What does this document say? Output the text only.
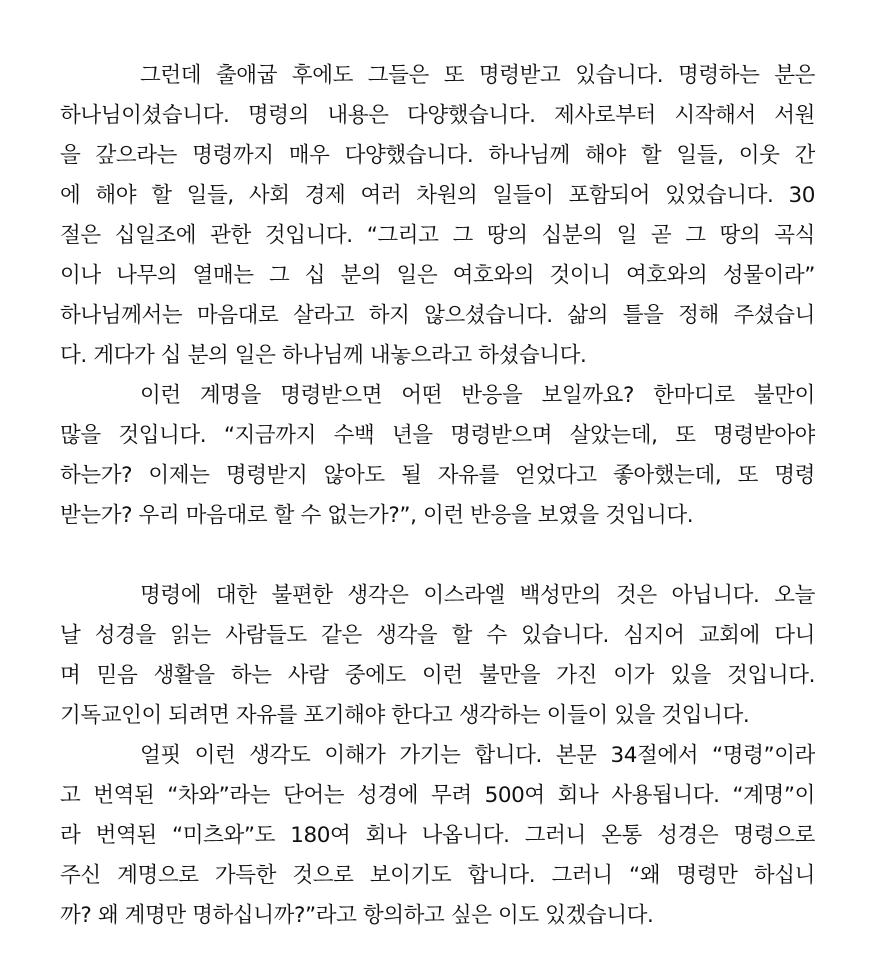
그런데 출애굽 후에도 그들은 또 명령받고 있습니다. 명령하는 분은
하나님이셨습니다. 명령의 내용은 다양했습니다. 제사로부터 시작해서 서원
을 갚으라는 명령까지 매우 다양했습니다. 하나님께 해야 할 일들, 이웃 간
에 해야 할 일들, 사회 경제 여러 차원의 일들이 포함되어 있었습니다. 30
절은 십일조에 관한 것입니다. “그리고 그 땅의 십분의 일 곧 그 땅의 곡식
이나 나무의 열매는 그 십 분의 일은 여호와의 것이니 여호와의 성물이라”
하나님께서는 마음대로 살라고 하지 않으셨습니다. 삶의 틀을 정해 주셨습니
다. 게다가 십 분의 일은 하나님께 내놓으라고 하셨습니다.
이런 계명을 명령받으면 어떤 반응을 보일까요? 한마디로 불만이
많을 것입니다. “지금까지 수백 년을 명령받으며 살았는데, 또 명령받아야
하는가? 이제는 명령받지 않아도 될 자유를 얻었다고 좋아했는데, 또 명령
받는가? 우리 마음대로 할 수 없는가?”, 이런 반응을 보였을 것입니다.
명령에 대한 불편한 생각은 이스라엘 백성만의 것은 아닙니다. 오늘
날 성경을 읽는 사람들도 같은 생각을 할 수 있습니다. 심지어 교회에 다니
며 믿음 생활을 하는 사람 중에도 이런 불만을 가진 이가 있을 것입니다.
기독교인이 되려면 자유를 포기해야 한다고 생각하는 이들이 있을 것입니다.
얼핏 이런 생각도 이해가 가기는 합니다. 본문 34절에서 “명령”이라
고 번역된 “차와”라는 단어는 성경에 무려 500여 회나 사용됩니다. “계명”이
라 번역된 “미츠와”도 180여 회나 나옵니다. 그러니 온통 성경은 명령으로
주신 계명으로 가득한 것으로 보이기도 합니다. 그러니 “왜 명령만 하십니
까? 왜 계명만 명하십니까?”라고 항의하고 싶은 이도 있겠습니다.
